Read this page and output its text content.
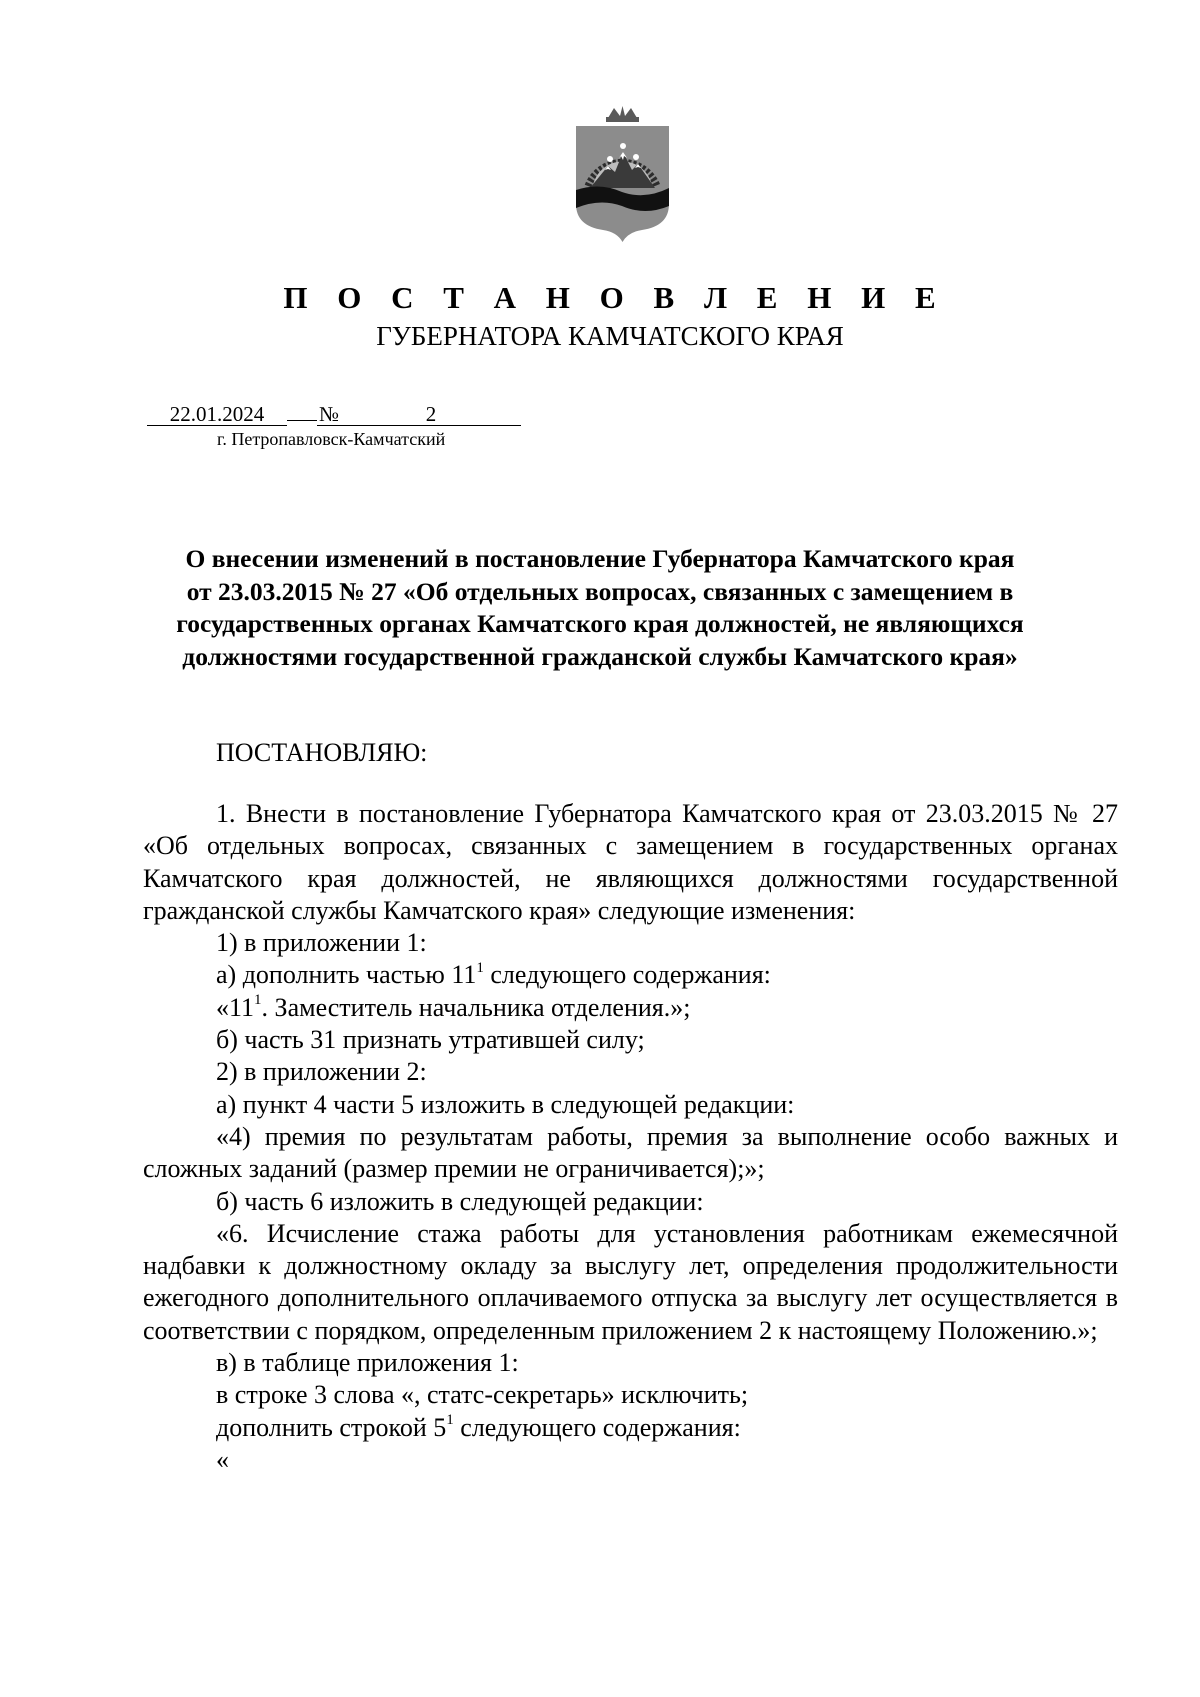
П О С Т А Н О В Л Е Н И Е
ГУБЕРНАТОРА КАМЧАТСКОГО КРАЯ
22.01.2024	№	2
г. Петропавловск-Камчатский
О внесении изменений в постановление Губернатора Камчатского края
от 23.03.2015 № 27 «Об отдельных вопросах, связанных с замещением в
государственных органах Камчатского края должностей, не являющихся
должностями государственной гражданской службы Камчатского края»
ПОСТАНОВЛЯЮ:

1. Внести в постановление Губернатора Камчатского края от 23.03.2015 № 27 «Об отдельных вопросах, связанных с замещением в государственных органах Камчатского края должностей, не являющихся должностями государственной гражданской службы Камчатского края» следующие изменения:

1) в приложении 1:

а) дополнить частью $11^1$ следующего содержания:

«$11^1$. Заместитель начальника отделения.»;

б) часть 31 признать утратившей силу;

2) в приложении 2:

а) пункт 4 части 5 изложить в следующей редакции:

«4) премия по результатам работы, премия за выполнение особо важных и сложных заданий (размер премии не ограничивается);»;

б) часть 6 изложить в следующей редакции:

«6. Исчисление стажа работы для установления работникам ежемесячной надбавки к должностному окладу за выслугу лет, определения продолжительности ежегодного дополнительного оплачиваемого отпуска за выслугу лет осуществляется в соответствии с порядком, определенным приложением 2 к настоящему Положению.»;

в) в таблице приложения 1:

в строке 3 слова «, статс-секретарь» исключить;

дополнить строкой $5^1$ следующего содержания:

«
